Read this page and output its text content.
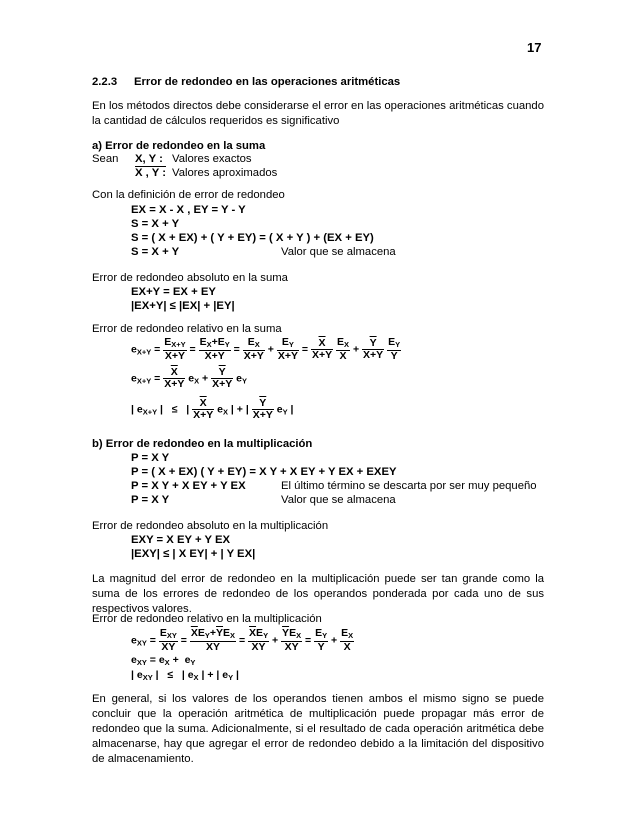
17
2.2.3 Error de redondeo en las operaciones aritméticas
En los métodos directos debe considerarse el error en las operaciones aritméticas cuando la cantidad de cálculos requeridos es significativo
a) Error de redondeo en la suma
Sean X, Y : Valores exactos
X , Y : Valores aproximados
Con la definición de error de redondeo
EX = X - X , EY = Y - Y
S = X + Y
S = ( X + EX) + ( Y + EY) = ( X + Y ) + (EX + EY)
S = X + Y	Valor que se almacena
Error de redondeo absoluto en la suma
EX+Y = EX + EY
|EX+Y| ≤ |EX| + |EY|
Error de redondeo relativo en la suma
$e_{X+Y} = \frac{E_{X+Y}}{X+Y} = \frac{E_X+E_Y}{X+Y} = \frac{E_X}{X+Y} + \frac{E_Y}{X+Y} = \frac{\overline{X}}{X+Y}$
$\frac{E_X}{X} + \frac{\overline{Y}}{X+Y}$
$\frac{E_Y}{Y}$
$e_{X+Y} = \frac{\overline{X}}{X+Y} e_X + \frac{\overline{Y}}{X+Y} e_Y$
| $e_{X+Y}$ |   ≤   | $\frac{\overline{X}}{X+Y} e_X$ | + | $\frac{\overline{Y}}{X+Y} e_Y$ |
b) Error de redondeo en la multiplicación
P = X Y
P = ( X + EX) ( Y + EY) = X Y + X EY + Y EX + EXEY
P = X Y + X EY + Y EX	El último término se descarta por ser muy pequeño
P = X Y	Valor que se almacena
Error de redondeo absoluto en la multiplicación
EXY = X EY + Y EX
|EXY| ≤ | X EY| + | Y EX|
La magnitud del error de redondeo en la multiplicación puede ser tan grande como la suma de los errores de redondeo de los operandos ponderada por cada uno de sus respectivos valores.
Error de redondeo relativo en la multiplicación
$e_{XY} = \frac{E_{XY}}{XY} = \frac{\overline{X}E_Y+\overline{Y}E_X}{XY} = \frac{\overline{X}E_Y}{XY} + \frac{\overline{Y}E_X}{XY} = \frac{E_Y}{Y} + \frac{E_X}{X}$
$e_{XY} = e_X + e_Y$
| $e_{XY}$ |   ≤   | $e_X$ | + | $e_Y$ |
En general, si los valores de los operandos tienen ambos el mismo signo se puede concluir que la operación aritmética de multiplicación puede propagar más error de redondeo que la suma. Adicionalmente, si el resultado de cada operación aritmética debe almacenarse, hay que agregar el error de redondeo debido a la limitación del dispositivo de almacenamiento.
